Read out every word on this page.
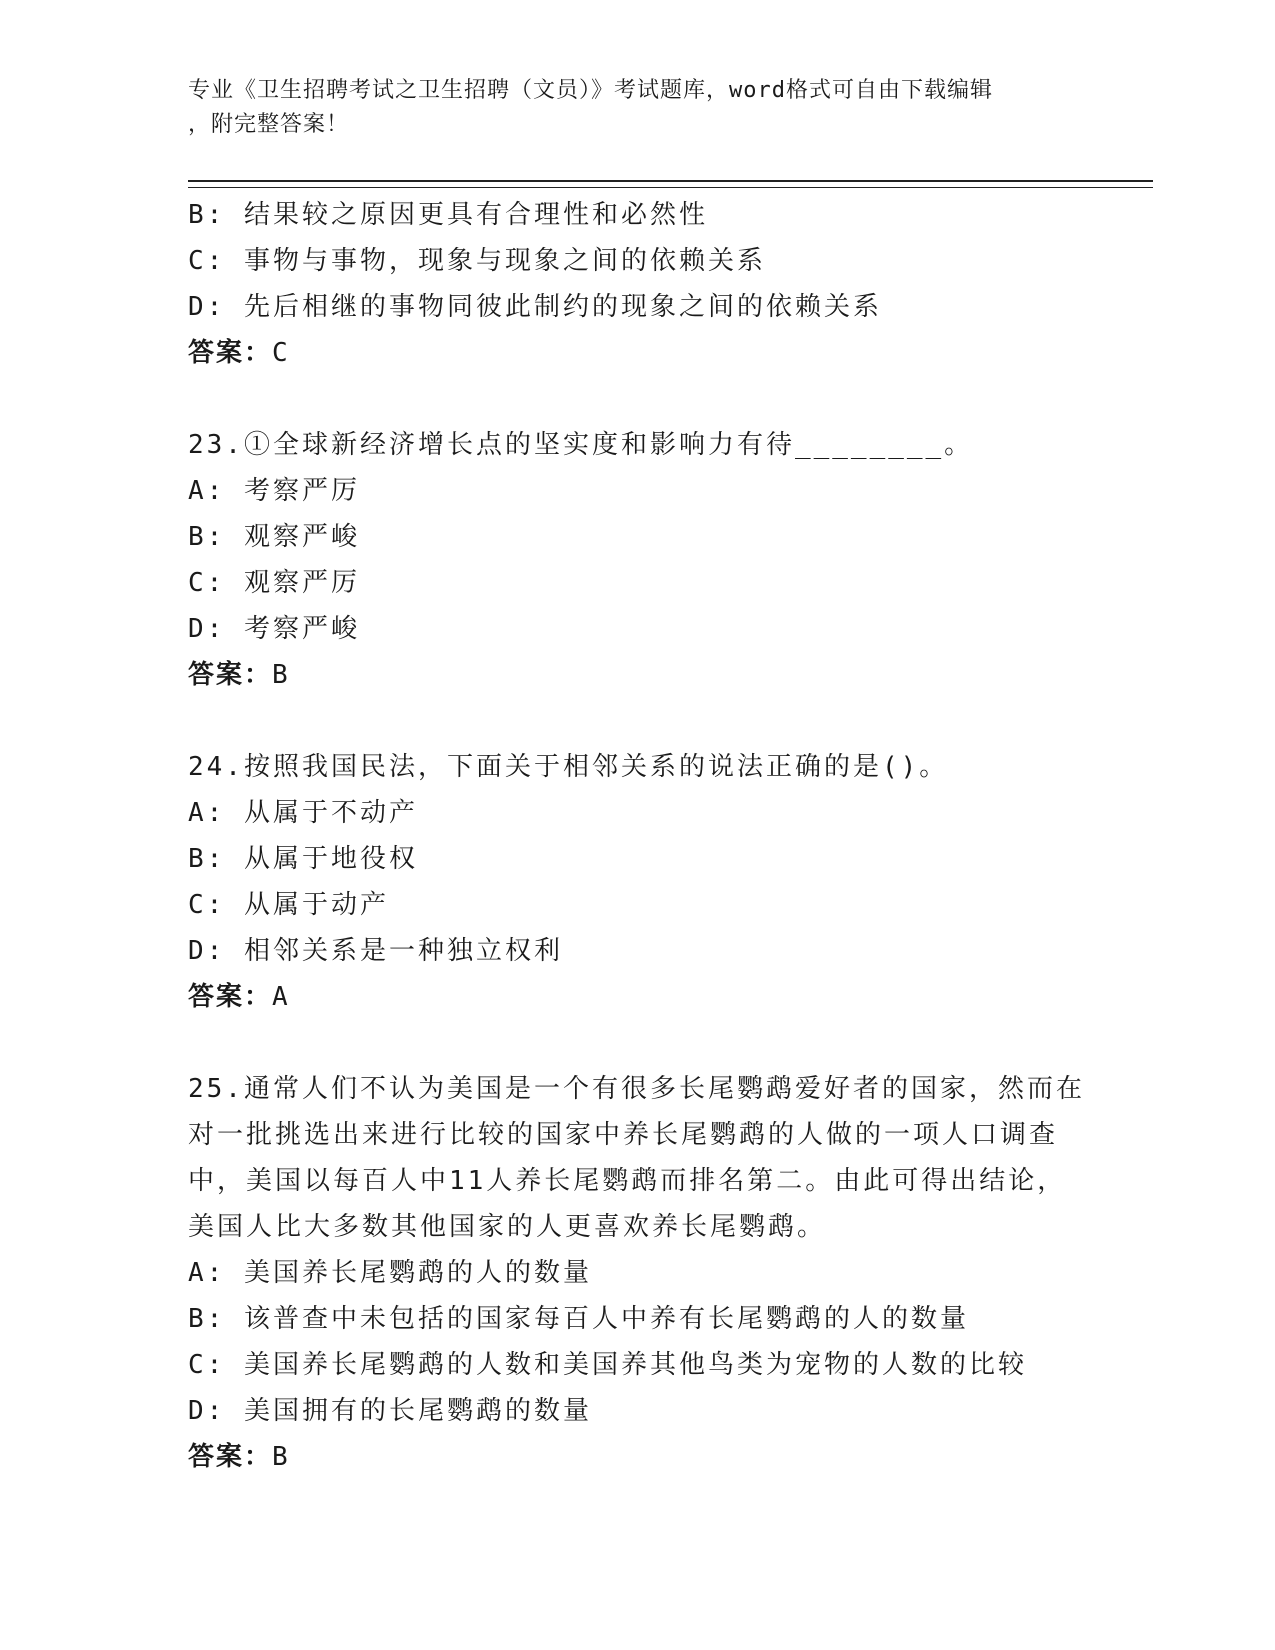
专业《卫生招聘考试之卫生招聘（文员）》考试题库，word格式可自由下载编辑
，附完整答案！
B: 结果较之原因更具有合理性和必然性
C: 事物与事物，现象与现象之间的依赖关系
D: 先后相继的事物同彼此制约的现象之间的依赖关系
答案：C
23.①全球新经济增长点的坚实度和影响力有待________。
A: 考察严厉
B: 观察严峻
C: 观察严厉
D: 考察严峻
答案：B
24.按照我国民法，下面关于相邻关系的说法正确的是()。
A: 从属于不动产
B: 从属于地役权
C: 从属于动产
D: 相邻关系是一种独立权利
答案：A
25.通常人们不认为美国是一个有很多长尾鹦鹉爱好者的国家，然而在
对一批挑选出来进行比较的国家中养长尾鹦鹉的人做的一项人口调查
中，美国以每百人中11人养长尾鹦鹉而排名第二。由此可得出结论，
美国人比大多数其他国家的人更喜欢养长尾鹦鹉。
A: 美国养长尾鹦鹉的人的数量
B: 该普查中未包括的国家每百人中养有长尾鹦鹉的人的数量
C: 美国养长尾鹦鹉的人数和美国养其他鸟类为宠物的人数的比较
D: 美国拥有的长尾鹦鹉的数量
答案：B
